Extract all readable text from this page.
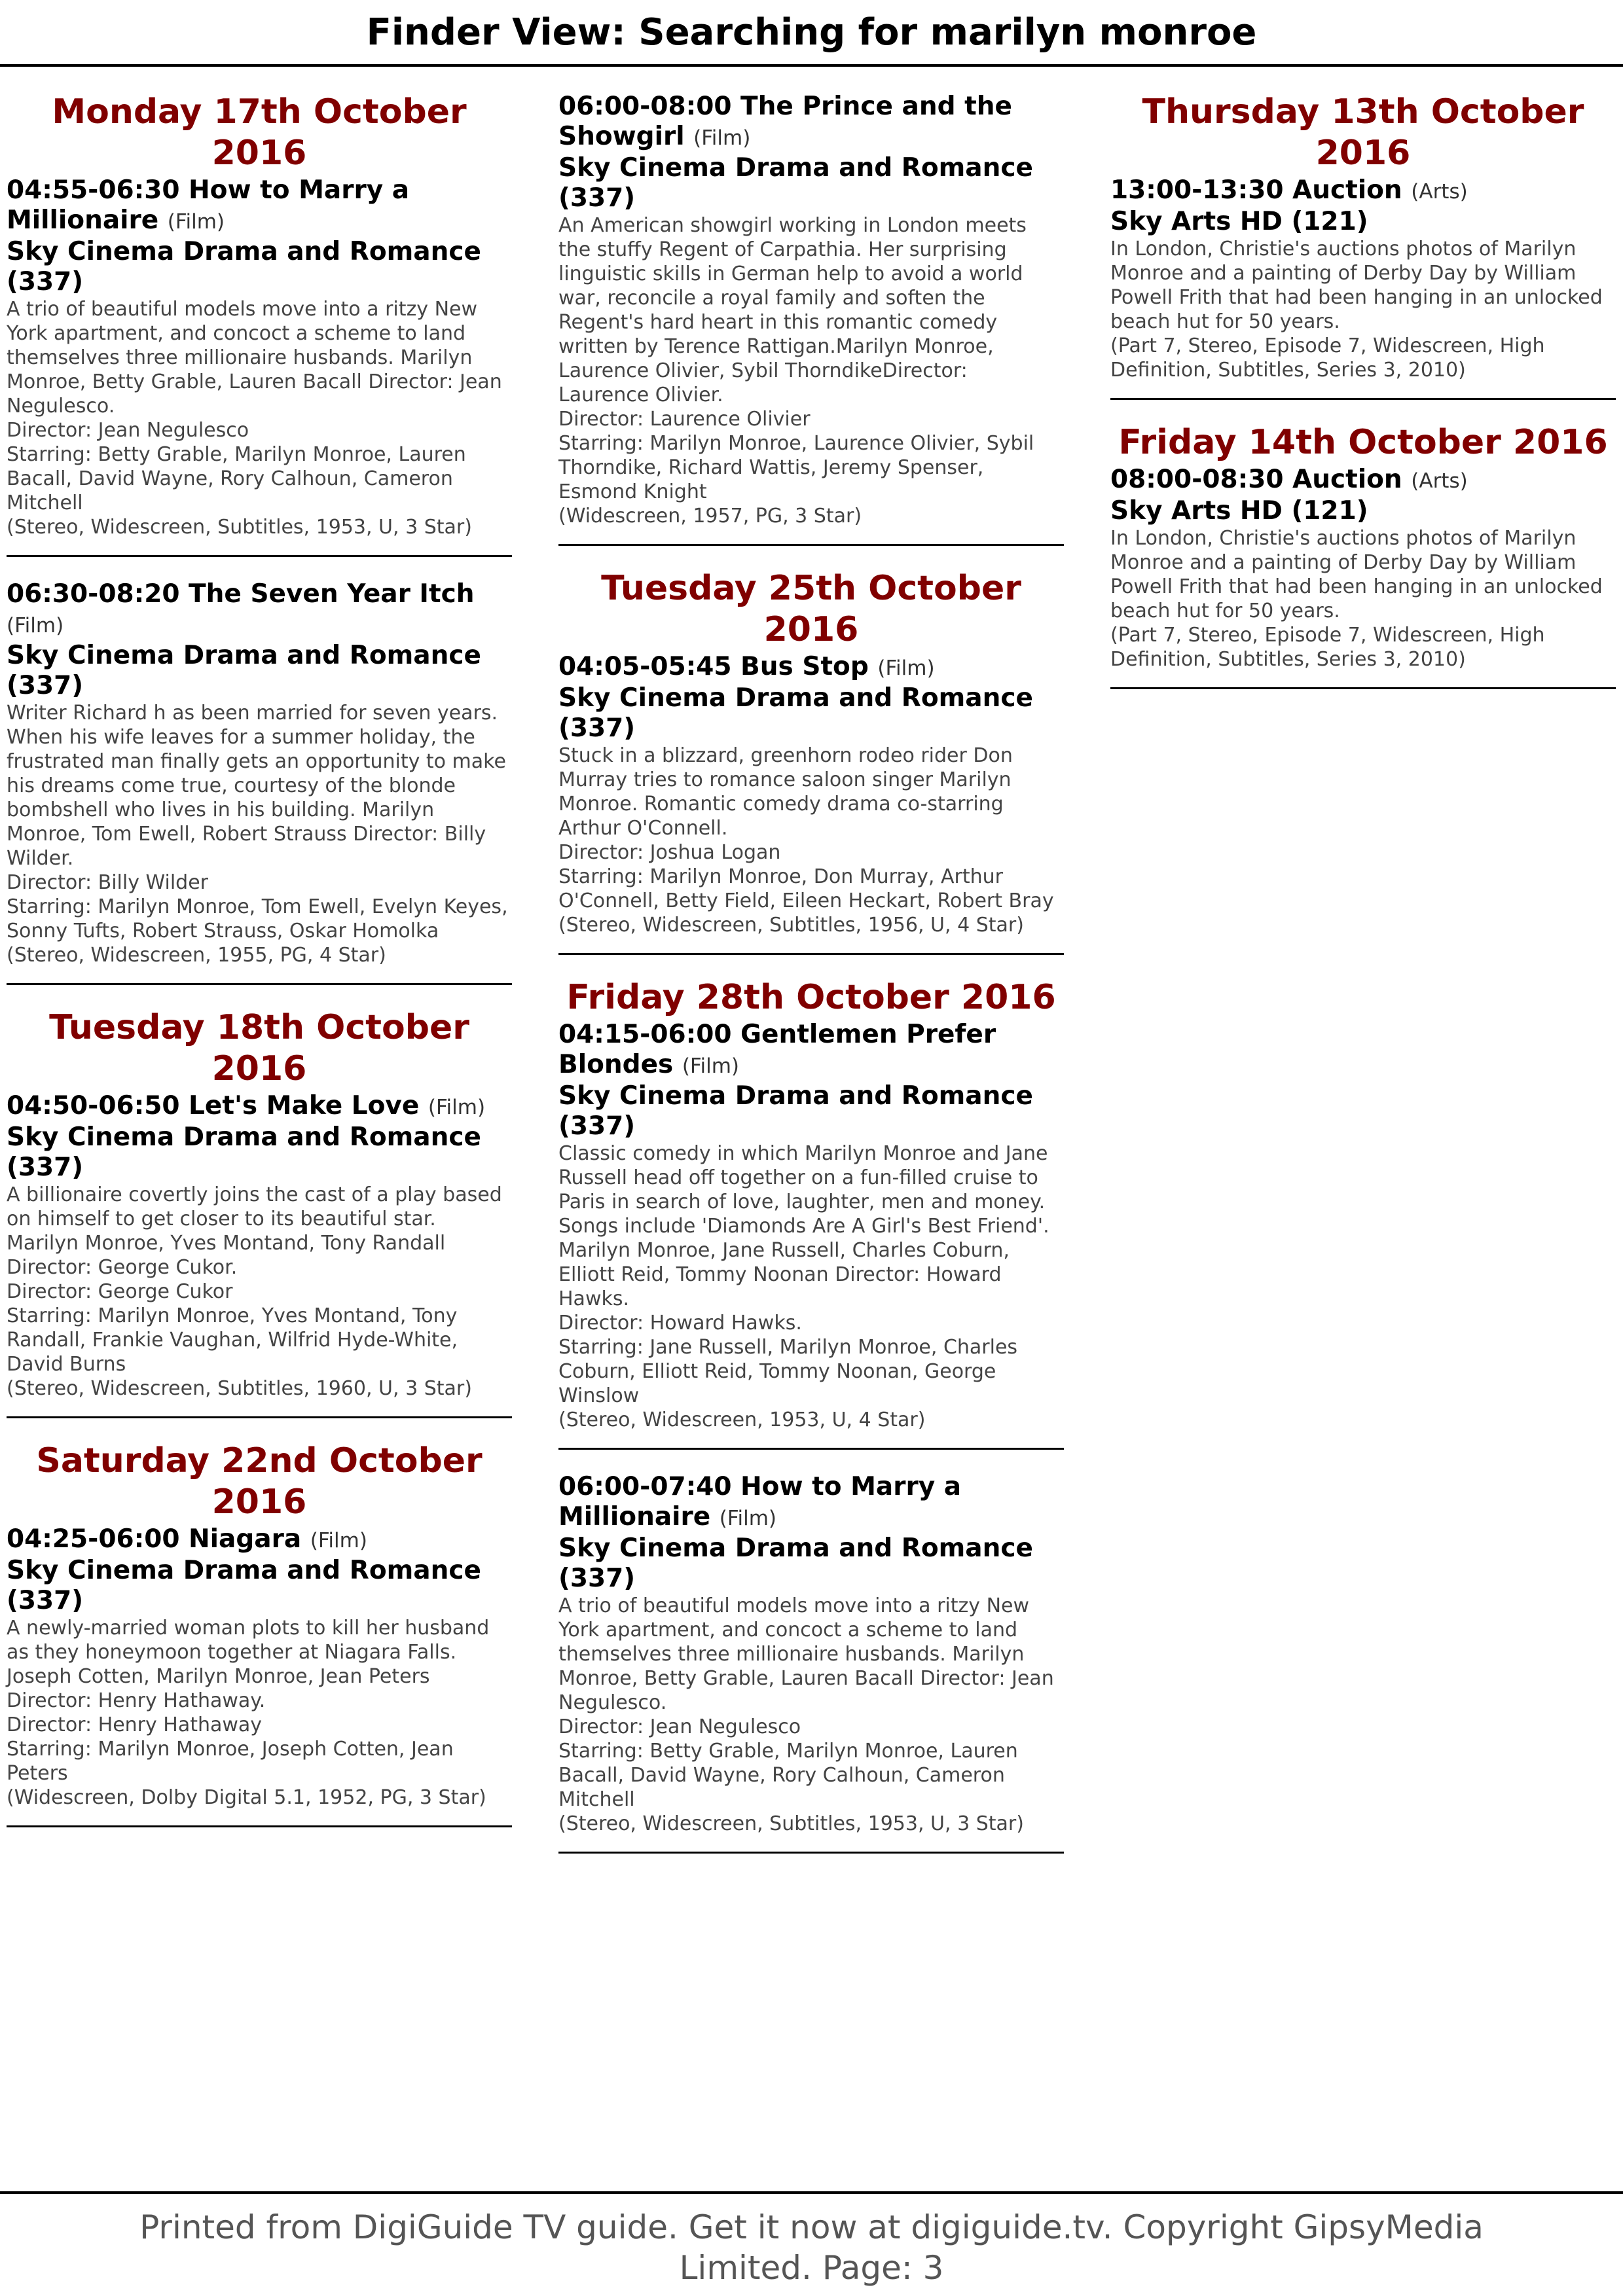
Finder View: Searching for marilyn monroe
Monday 17th October 2016

04:55-06:30 How to Marry a Millionaire (Film)

Sky Cinema Drama and Romance (337)

A trio of beautiful models move into a ritzy New York apartment, and concoct a scheme to land themselves three millionaire husbands. Marilyn Monroe, Betty Grable, Lauren Bacall Director: Jean Negulesco.

Director: Jean Negulesco

Starring: Betty Grable, Marilyn Monroe, Lauren Bacall, David Wayne, Rory Calhoun, Cameron Mitchell

(Stereo, Widescreen, Subtitles, 1953, U, 3 Star)

06:30-08:20 The Seven Year Itch (Film)

Sky Cinema Drama and Romance (337)

Writer Richard h as been married for seven years. When his wife leaves for a summer holiday, the frustrated man finally gets an opportunity to make his dreams come true, courtesy of the blonde bombshell who lives in his building. Marilyn Monroe, Tom Ewell, Robert Strauss Director: Billy Wilder.

Director: Billy Wilder

Starring: Marilyn Monroe, Tom Ewell, Evelyn Keyes, Sonny Tufts, Robert Strauss, Oskar Homolka

(Stereo, Widescreen, 1955, PG, 4 Star)

Tuesday 18th October 2016

04:50-06:50 Let's Make Love (Film)

Sky Cinema Drama and Romance (337)

A billionaire covertly joins the cast of a play based on himself to get closer to its beautiful star. Marilyn Monroe, Yves Montand, Tony Randall Director: George Cukor.

Director: George Cukor

Starring: Marilyn Monroe, Yves Montand, Tony Randall, Frankie Vaughan, Wilfrid Hyde-White, David Burns

(Stereo, Widescreen, Subtitles, 1960, U, 3 Star)

Saturday 22nd October 2016

04:25-06:00 Niagara (Film)

Sky Cinema Drama and Romance (337)

A newly-married woman plots to kill her husband as they honeymoon together at Niagara Falls. Joseph Cotten, Marilyn Monroe, Jean Peters Director: Henry Hathaway.

Director: Henry Hathaway

Starring: Marilyn Monroe, Joseph Cotten, Jean Peters

(Widescreen, Dolby Digital 5.1, 1952, PG, 3 Star)

06:00-08:00 The Prince and the Showgirl (Film)

Sky Cinema Drama and Romance (337)

An American showgirl working in London meets the stuffy Regent of Carpathia. Her surprising linguistic skills in German help to avoid a world war, reconcile a royal family and soften the Regent's hard heart in this romantic comedy written by Terence Rattigan.Marilyn Monroe, Laurence Olivier, Sybil ThorndikeDirector: Laurence Olivier.

Director: Laurence Olivier

Starring: Marilyn Monroe, Laurence Olivier, Sybil Thorndike, Richard Wattis, Jeremy Spenser, Esmond Knight

(Widescreen, 1957, PG, 3 Star)

Tuesday 25th October 2016

04:05-05:45 Bus Stop (Film)

Sky Cinema Drama and Romance (337)

Stuck in a blizzard, greenhorn rodeo rider Don Murray tries to romance saloon singer Marilyn Monroe. Romantic comedy drama co-starring Arthur O'Connell.

Director: Joshua Logan

Starring: Marilyn Monroe, Don Murray, Arthur O'Connell, Betty Field, Eileen Heckart, Robert Bray

(Stereo, Widescreen, Subtitles, 1956, U, 4 Star)

Friday 28th October 2016

04:15-06:00 Gentlemen Prefer Blondes (Film)

Sky Cinema Drama and Romance (337)

Classic comedy in which Marilyn Monroe and Jane Russell head off together on a fun-filled cruise to Paris in search of love, laughter, men and money. Songs include 'Diamonds Are A Girl's Best Friend'. Marilyn Monroe, Jane Russell, Charles Coburn, Elliott Reid, Tommy Noonan Director: Howard Hawks.

Director: Howard Hawks.

Starring: Jane Russell, Marilyn Monroe, Charles Coburn, Elliott Reid, Tommy Noonan, George Winslow

(Stereo, Widescreen, 1953, U, 4 Star)

06:00-07:40 How to Marry a Millionaire (Film)

Sky Cinema Drama and Romance (337)

A trio of beautiful models move into a ritzy New York apartment, and concoct a scheme to land themselves three millionaire husbands. Marilyn Monroe, Betty Grable, Lauren Bacall Director: Jean Negulesco.

Director: Jean Negulesco

Starring: Betty Grable, Marilyn Monroe, Lauren Bacall, David Wayne, Rory Calhoun, Cameron Mitchell

(Stereo, Widescreen, Subtitles, 1953, U, 3 Star)

Thursday 13th October 2016

13:00-13:30 Auction (Arts)

Sky Arts HD (121)

In London, Christie's auctions photos of Marilyn Monroe and a painting of Derby Day by William Powell Frith that had been hanging in an unlocked beach hut for 50 years.

(Part 7, Stereo, Episode 7, Widescreen, High Definition, Subtitles, Series 3, 2010)

Friday 14th October 2016

08:00-08:30 Auction (Arts)

Sky Arts HD (121)

In London, Christie's auctions photos of Marilyn Monroe and a painting of Derby Day by William Powell Frith that had been hanging in an unlocked beach hut for 50 years.

(Part 7, Stereo, Episode 7, Widescreen, High Definition, Subtitles, Series 3, 2010)

Printed from DigiGuide TV guide. Get it now at digiguide.tv. Copyright GipsyMedia Limited. Page: 3
